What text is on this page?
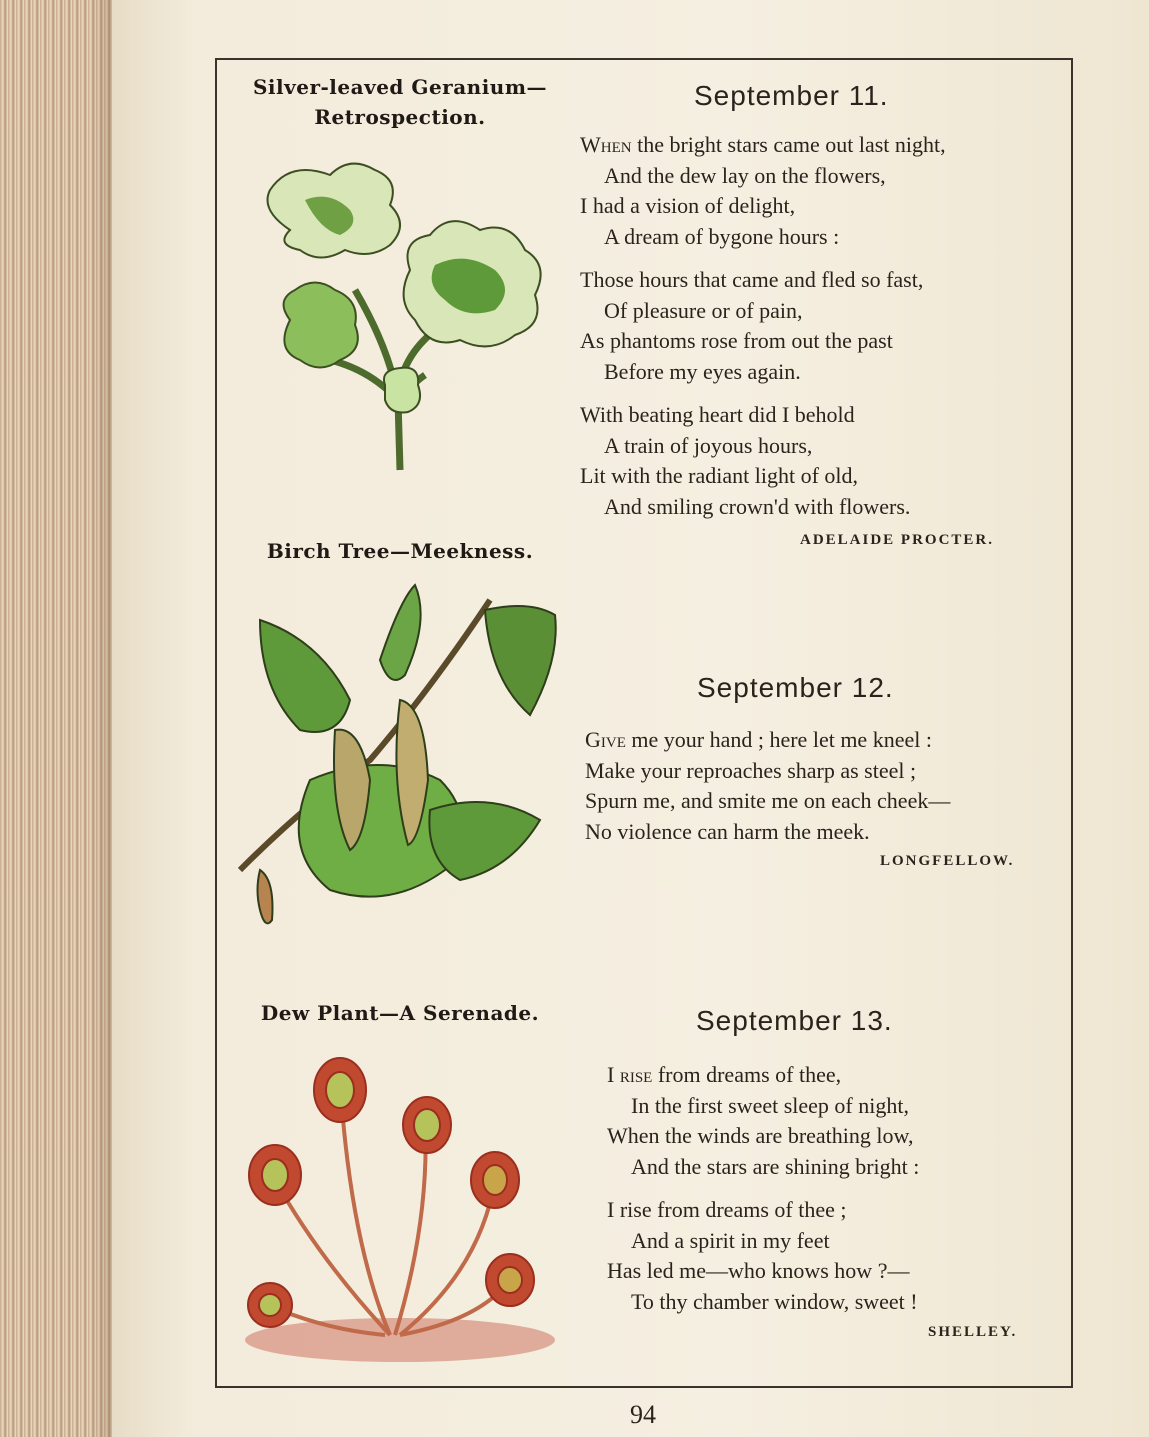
Silver-leaved Geranium—
Retrospection.
Birch Tree—Meekness.
Dew Plant—A Serenade.
September 11.
When the bright stars came out last night,
And the dew lay on the flowers,
I had a vision of delight,
A dream of bygone hours :
Those hours that came and fled so fast,
Of pleasure or of pain,
As phantoms rose from out the past
Before my eyes again.
With beating heart did I behold
A train of joyous hours,
Lit with the radiant light of old,
And smiling crown'd with flowers.
ADELAIDE PROCTER.
September 12.
Give me your hand ; here let me kneel :
Make your reproaches sharp as steel ;
Spurn me, and smite me on each cheek—
No violence can harm the meek.
LONGFELLOW.
September 13.
I rise from dreams of thee,
In the first sweet sleep of night,
When the winds are breathing low,
And the stars are shining bright :
I rise from dreams of thee ;
And a spirit in my feet
Has led me—who knows how ?—
To thy chamber window, sweet !
SHELLEY.
94
